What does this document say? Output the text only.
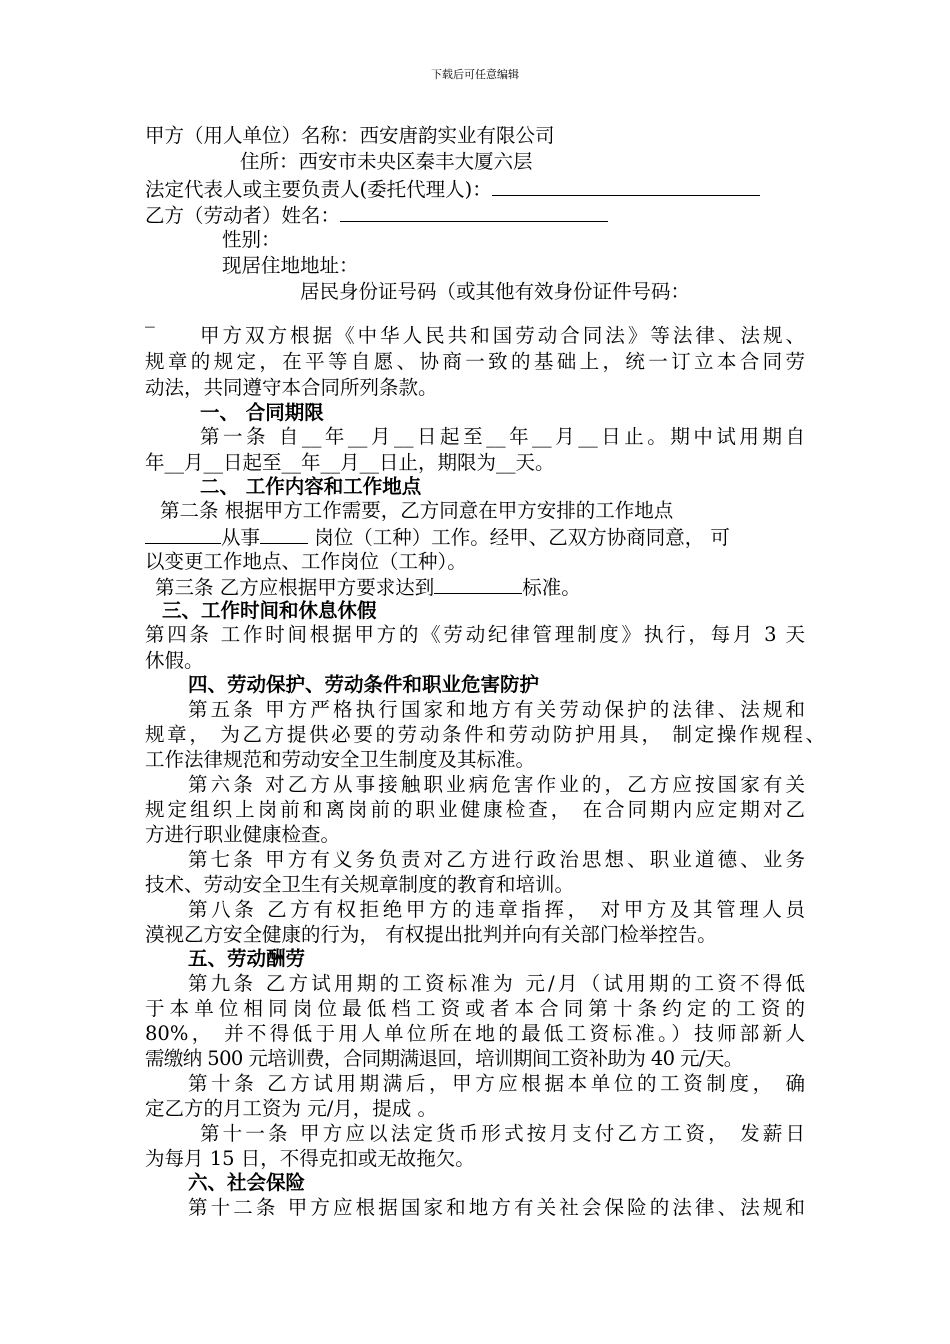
下载后可任意编辑

甲方（用人单位）名称：西安唐韵实业有限公司

住所：西安市未央区秦丰大厦六层

法定代表人或主要负责人(委托代理人)：

乙方（劳动者）姓名：

性别：

现居住地地址：

居民身份证号码（或其他有效身份证件号码：

_

甲方双方根据《中华人民共和国劳动合同法》等法律、法规、

规章的规定，在平等自愿、协商一致的基础上，统一订立本合同劳

动法，共同遵守本合同所列条款。

一、 合同期限

第一条 自__年__月__日起至__年__月__日止。期中试用期自

年__月__日起至__年__月__日止，期限为__天。

二、 工作内容和工作地点

第二条 根据甲方工作需要，乙方同意在甲方安排的工作地点

从事	岗位（工种）工作。经甲、乙双方协商同意， 可

以变更工作地点、工作岗位（工种）。

第三条 乙方应根据甲方要求达到	标准。

三、工作时间和休息休假

第四条 工作时间根据甲方的《劳动纪律管理制度》执行，每月 3 天

休假。

四、劳动保护、劳动条件和职业危害防护

第五条 甲方严格执行国家和地方有关劳动保护的法律、法规和

规章， 为乙方提供必要的劳动条件和劳动防护用具， 制定操作规程、

工作法律规范和劳动安全卫生制度及其标准。

第六条 对乙方从事接触职业病危害作业的，乙方应按国家有关

规定组织上岗前和离岗前的职业健康检查， 在合同期内应定期对乙

方进行职业健康检查。

第七条 甲方有义务负责对乙方进行政治思想、职业道德、业务

技术、劳动安全卫生有关规章制度的教育和培训。

第八条 乙方有权拒绝甲方的违章指挥， 对甲方及其管理人员

漠视乙方安全健康的行为， 有权提出批判并向有关部门检举控告。

五、劳动酬劳

第九条 乙方试用期的工资标准为 元/月（试用期的工资不得低

于本单位相同岗位最低档工资或者本合同第十条约定的工资的

80%， 并不得低于用人单位所在地的最低工资标准。）技师部新人

需缴纳 500 元培训费，合同期满退回，培训期间工资补助为 40 元/天。

第十条 乙方试用期满后，甲方应根据本单位的工资制度， 确

定乙方的月工资为 元/月，提成 。

第十一条 甲方应以法定货币形式按月支付乙方工资， 发薪日

为每月 15 日，不得克扣或无故拖欠。

六、社会保险

第十二条 甲方应根据国家和地方有关社会保险的法律、法规和
